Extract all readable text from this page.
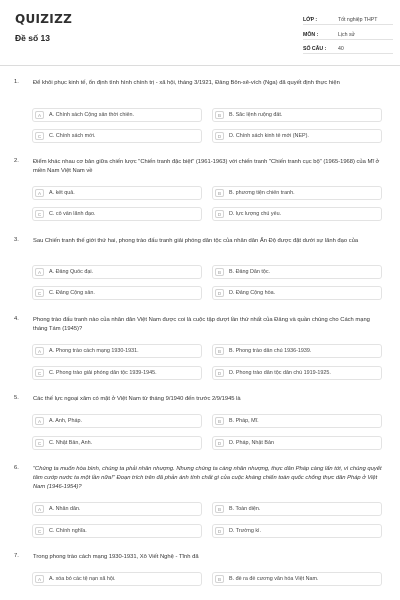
QUIZIZZ
Đề số 13
LỚP :	Tốt nghiệp THPT
MÔN :	Lịch sử
SỐ CÂU : 40
1. Để khôi phục kinh tế, ổn định tình hình chính trị - xã hội, tháng 3/1921, Đảng Bôn-sê-vích (Nga) đã quyết định thực hiện
A	A. Chính sách Cộng sản thời chiến.	B	B. Sắc lệnh ruộng đất.
C	C. Chính sách mới.	D	D. Chính sách kinh tế mới (NEP).
2. Điểm khác nhau cơ bản giữa chiến lược "Chiến tranh đặc biệt" (1961-1963) với chiến tranh "Chiến tranh cục bộ" (1965-1968) của Mĩ ở miền Nam Việt Nam về
A	A. kết quả.	B	B. phương tiện chiến tranh.
C	C. cố vấn lãnh đạo.	D	D. lực lượng chủ yếu.
3. Sau Chiến tranh thế giới thứ hai, phong trào đấu tranh giải phóng dân tộc của nhân dân Ấn Độ được đặt dưới sự lãnh đạo của
A	A. Đảng Quốc đại.	B	B. Đảng Dân tộc.
C	C. Đảng Cộng sản.	D	D. Đảng Cộng hòa.
4. Phong trào đấu tranh nào của nhân dân Việt Nam được coi là cuộc tập dượt lần thứ nhất của Đảng và quần chúng cho Cách mạng tháng Tám (1945)?
A	A. Phong trào cách mạng 1930-1931.	B	B. Phong trào dân chủ 1936-1939.
C	C. Phong trào giải phóng dân tộc 1939-1945.	D	D. Phong trào dân tộc dân chủ 1919-1925.
5. Các thế lực ngoại xâm có mặt ở Việt Nam từ tháng 9/1940 đến trước 2/9/1945 là
A	A. Anh, Pháp.	B	B. Pháp, Mĩ.
C	C. Nhật Bản, Anh.	D	D. Pháp, Nhật Bản
6. "Chúng ta muốn hòa bình, chúng ta phải nhân nhượng. Nhưng chúng ta càng nhân nhượng, thực dân Pháp càng lấn tới, vì chúng quyết tâm cướp nước ta một lần nữa!" Đoạn trích trên đã phản ánh tính chất gì của cuộc kháng chiến toàn quốc chống thực dân Pháp ở Việt Nam (1946-1954)?
A	A. Nhân dân.	B	B. Toàn diện.
C	C. Chính nghĩa.	D	D. Trường kì.
7. Trong phong trào cách mạng 1930-1931, Xô Viết Nghệ - Tĩnh đã
A	A. xóa bỏ các tệ nạn xã hội.	B	B. đề ra đề cương văn hóa Việt Nam.
